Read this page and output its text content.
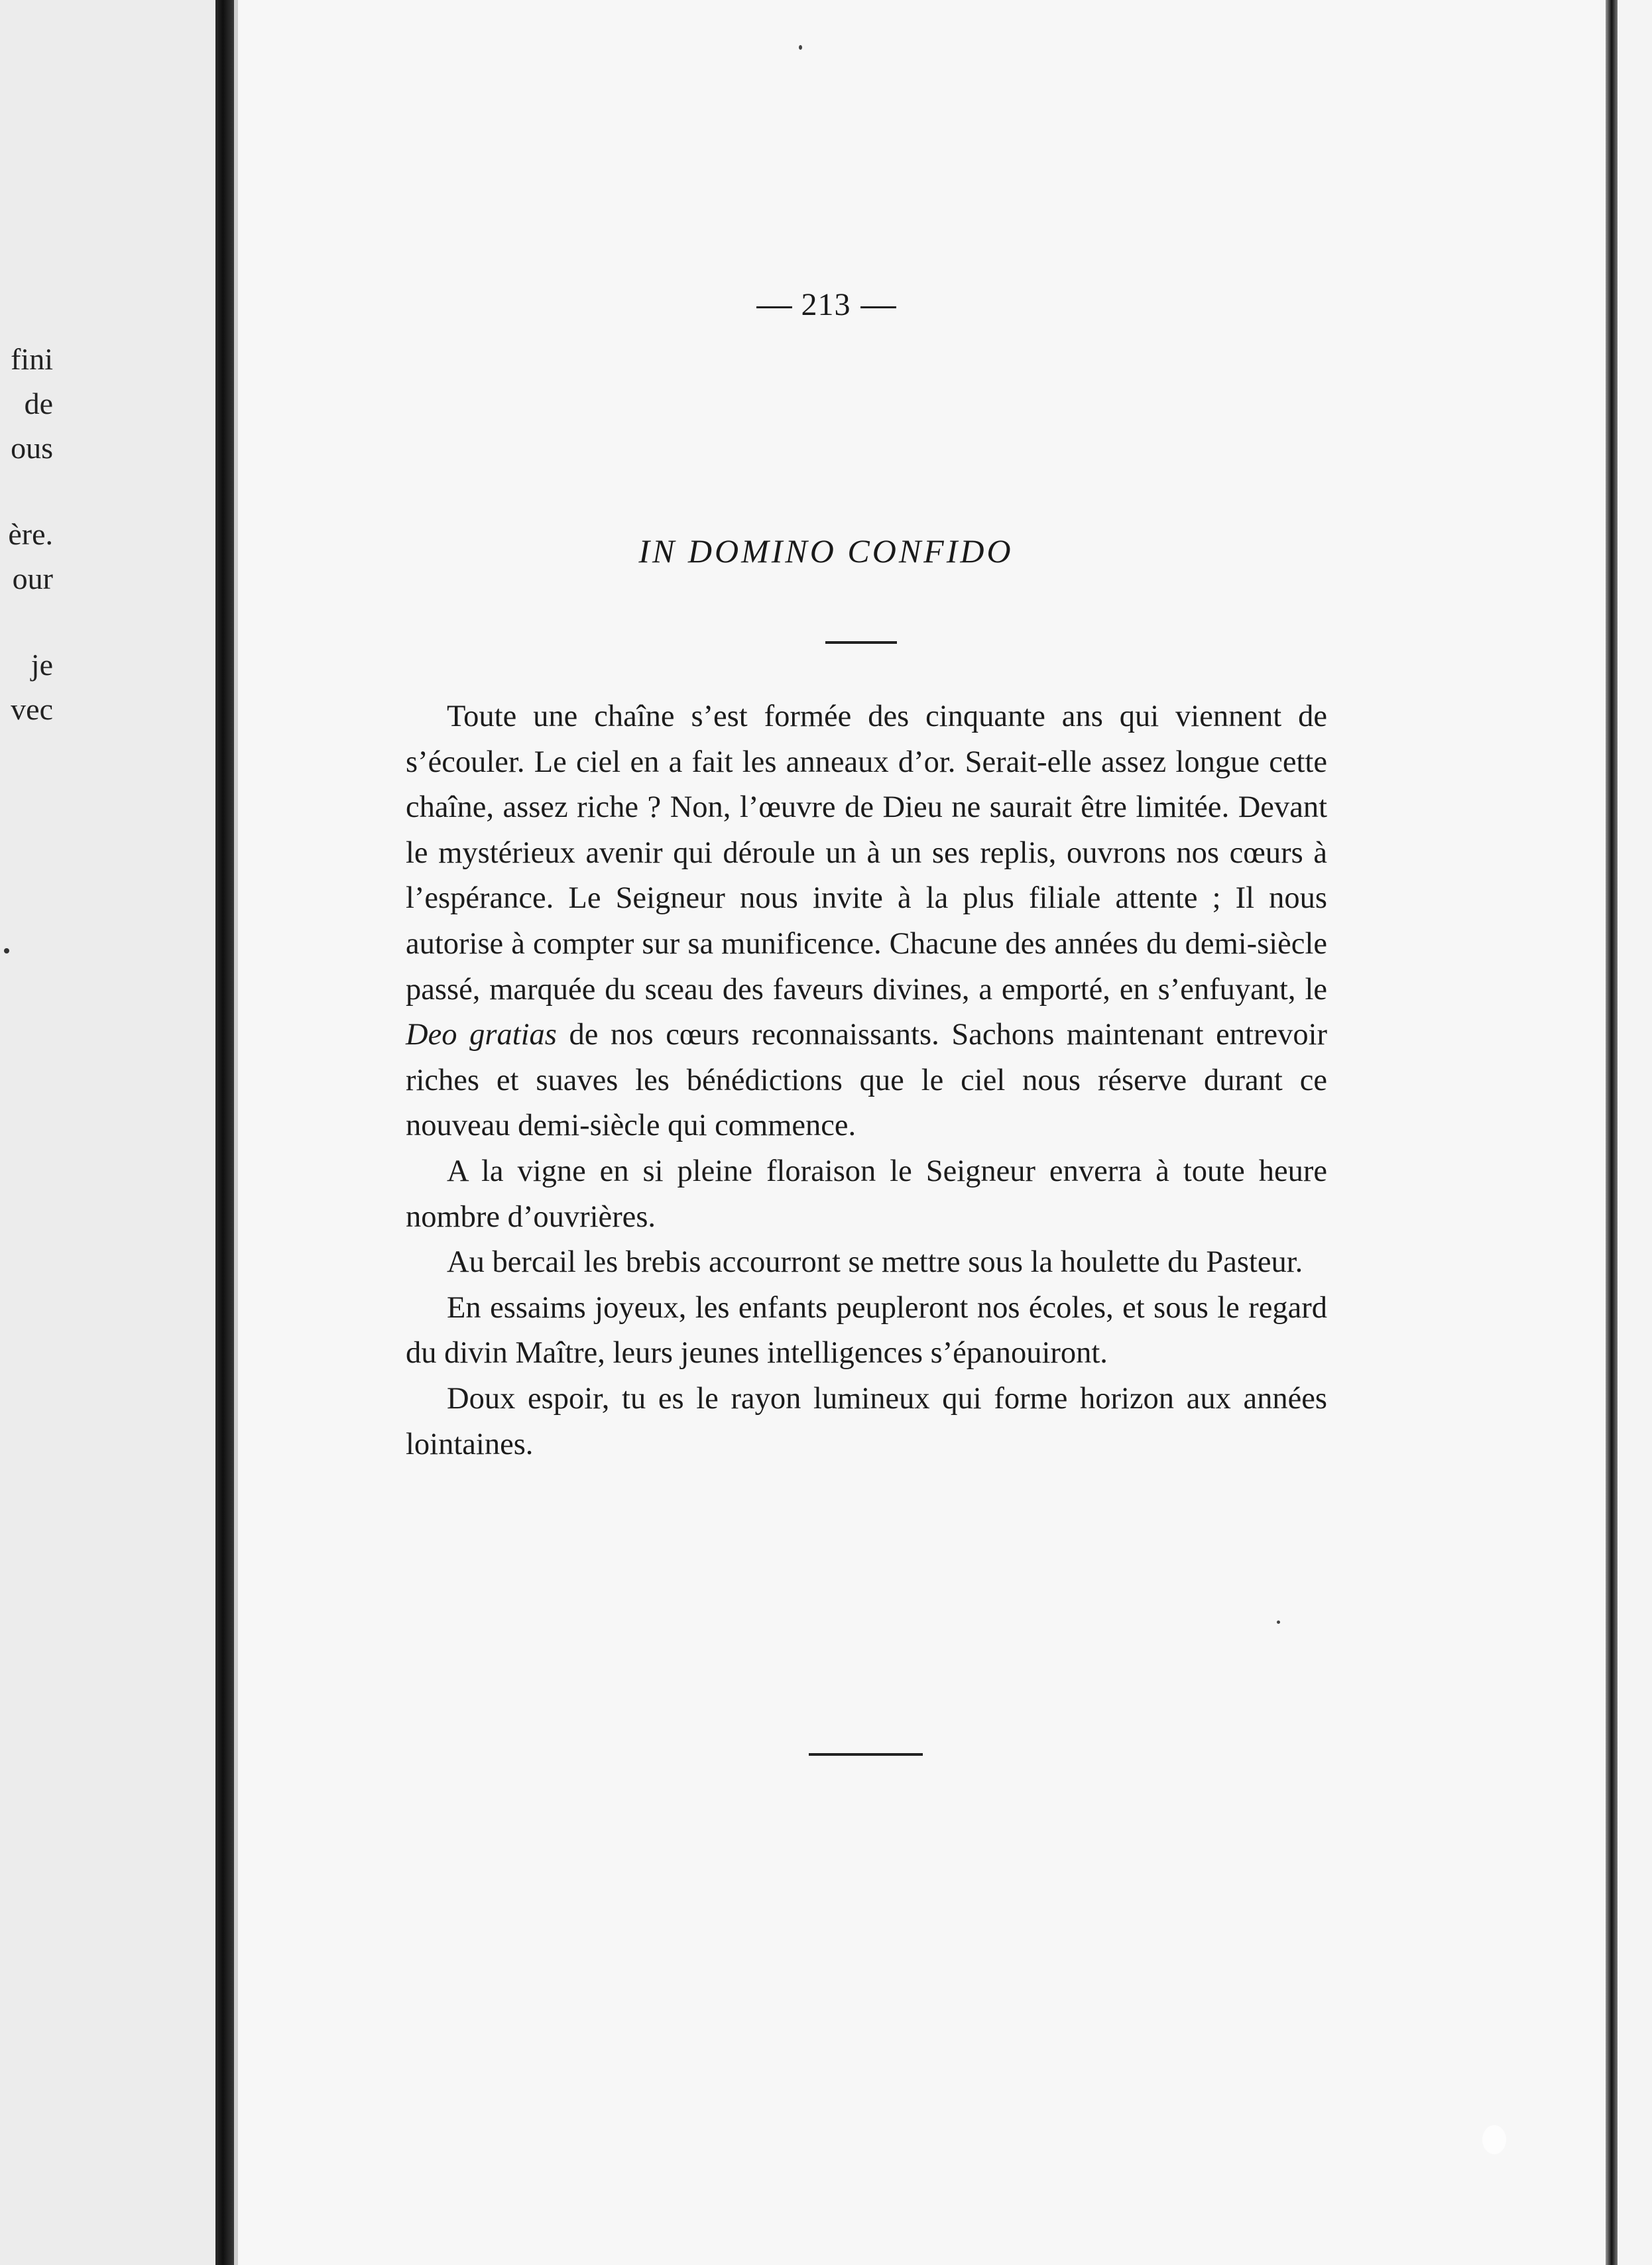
fini
de
ous
ère.
our
je
vec
213
IN DOMINO CONFIDO

Toute une chaîne s’est formée des cinquante ans qui viennent de s’écouler. Le ciel en a fait les anneaux d’or. Serait-elle assez longue cette chaîne, assez riche ? Non, l’œuvre de Dieu ne saurait être limitée. Devant le mystérieux avenir qui déroule un à un ses replis, ouvrons nos cœurs à l’espérance. Le Seigneur nous invite à la plus filiale attente ; Il nous autorise à compter sur sa munificence. Chacune des années du demi-siècle passé, marquée du sceau des faveurs divines, a emporté, en s’enfuyant, le Deo gratias de nos cœurs reconnaissants. Sachons maintenant entrevoir riches et suaves les bénédictions que le ciel nous réserve durant ce nouveau demi-siècle qui commence.

A la vigne en si pleine floraison le Seigneur enverra à toute heure nombre d’ouvrières.

Au bercail les brebis accourront se mettre sous la houlette du Pasteur.

En essaims joyeux, les enfants peupleront nos écoles, et sous le regard du divin Maître, leurs jeunes intelligences s’épanouiront.

Doux espoir, tu es le rayon lumineux qui forme horizon aux années lointaines.
